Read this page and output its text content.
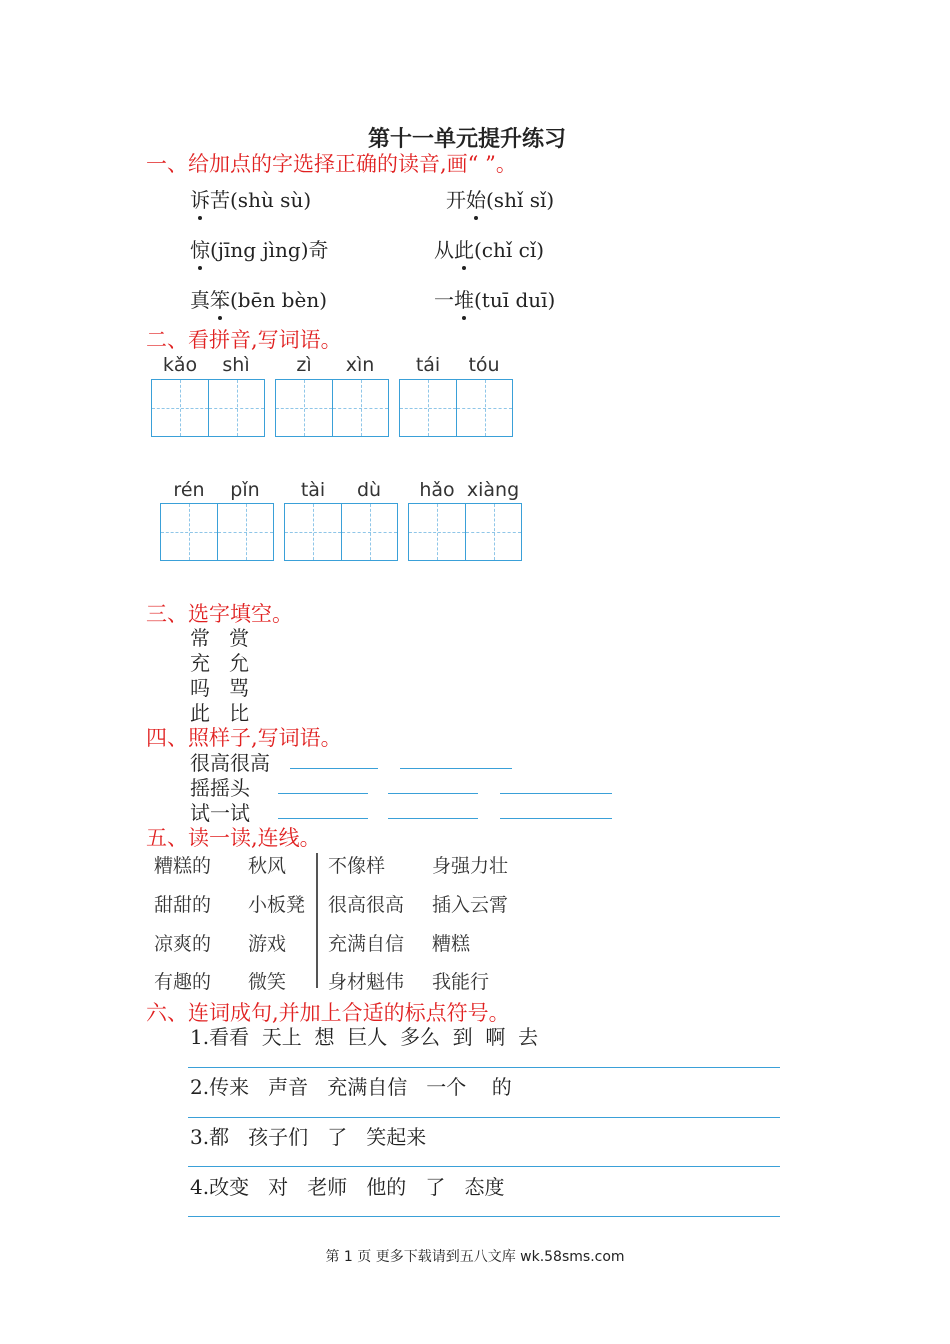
第十一单元提升练习
一、给加点的字选择正确的读音,画“ ”。
诉苦(shù sù)	开始(shǐ sǐ)
惊(jīng jìng)奇	从此(chǐ cǐ)
真笨(bēn bèn)	一堆(tuī duī)
二、看拼音,写词语。
kǎo	shì	zì	xìn	tái	tóu
rén	pǐn	tài	dù	hǎo xiàng
三、选字填空。
常   赏
充   允
吗   骂
此   比
四、照样子,写词语。
很高很高
摇摇头
试一试
五、读一读,连线。
糟糕的 秋风
甜甜的 小板凳
凉爽的 游戏
有趣的 微笑
不像样 身强力壮
很高很高 插入云霄
充满自信 糟糕
身材魁伟 我能行
六、连词成句,并加上合适的标点符号。
1.看看  天上  想  巨人  多么  到  啊  去
2.传来   声音   充满自信   一个    的
3.都   孩子们   了   笑起来
4.改变   对   老师   他的   了   态度
第 1 页 更多下载请到五八文库 wk.58sms.com
